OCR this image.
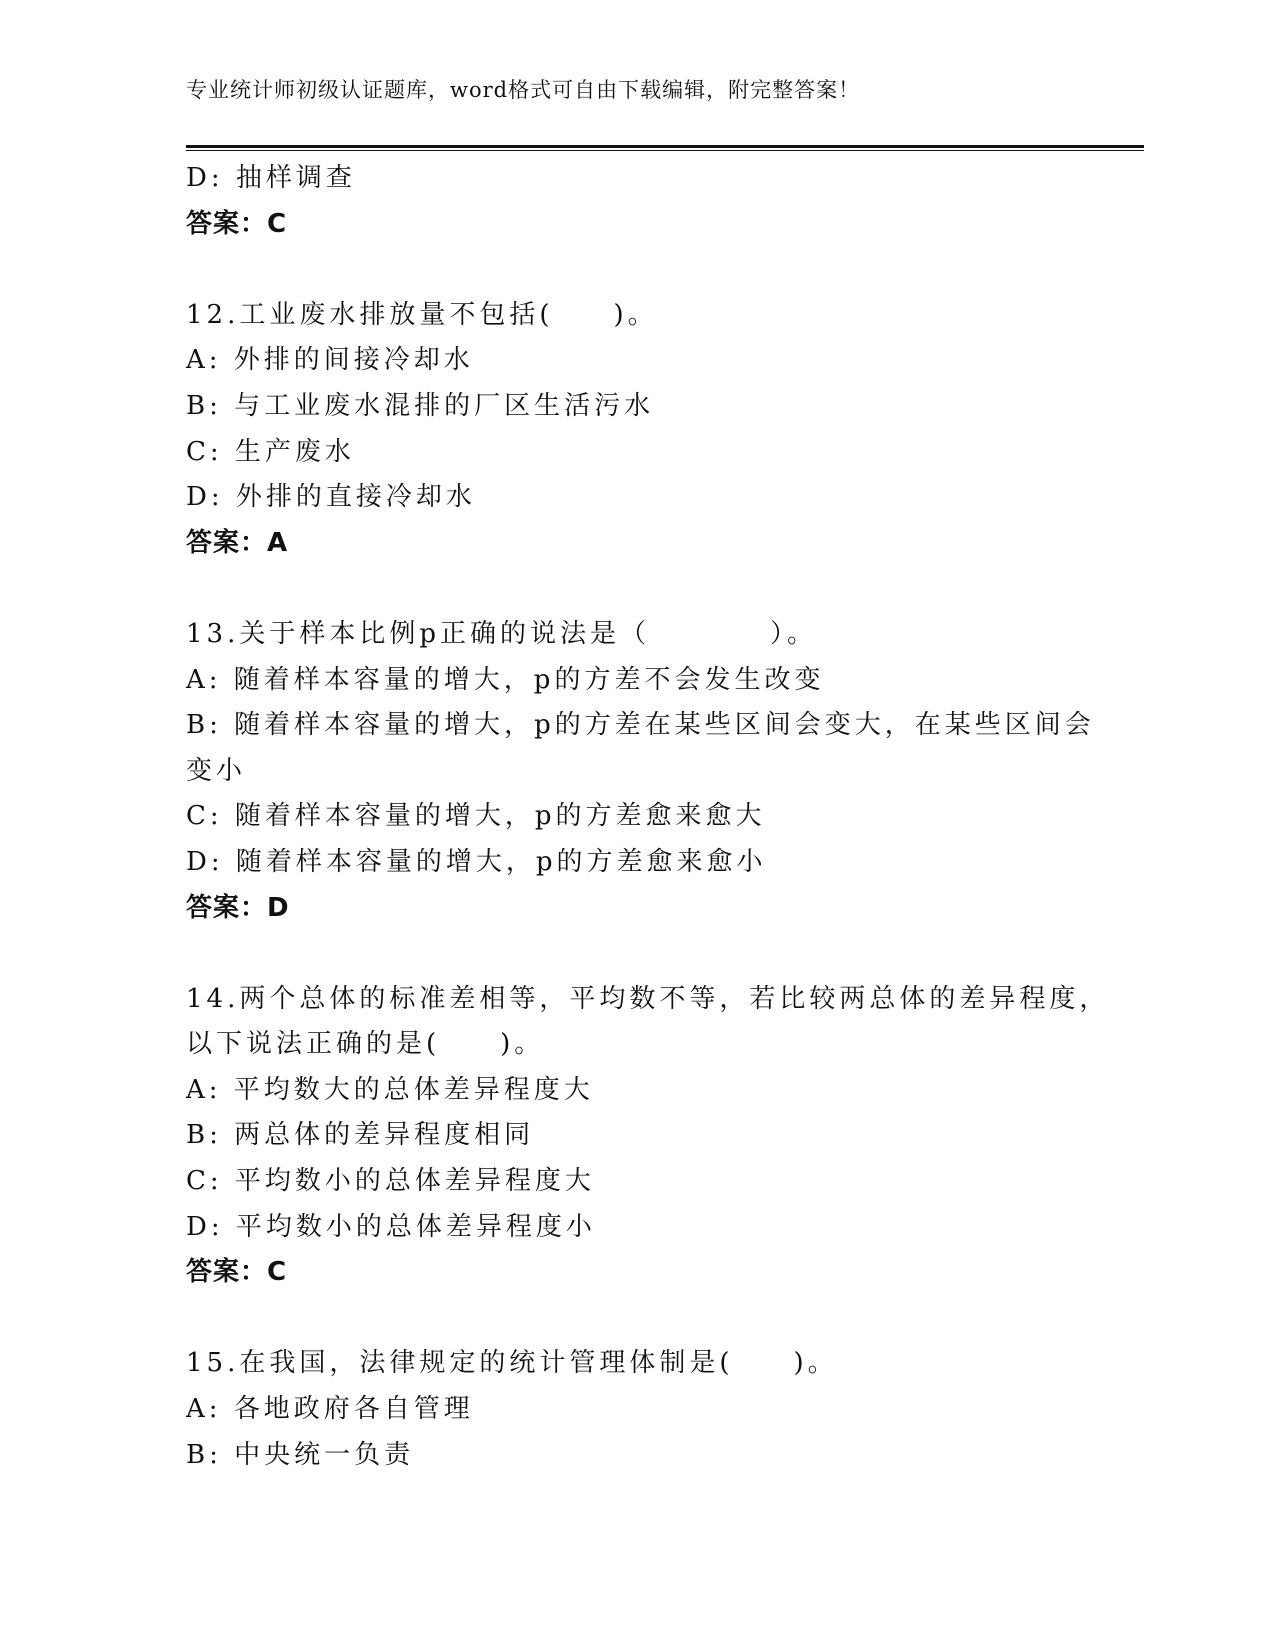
专业统计师初级认证题库，word格式可自由下载编辑，附完整答案！
D: 抽样调查
答案：C
12.工业废水排放量不包括(　　)。
A: 外排的间接冷却水
B: 与工业废水混排的厂区生活污水
C: 生产废水
D: 外排的直接冷却水
答案：A
13.关于样本比例p正确的说法是（　　　　）。
A: 随着样本容量的增大，p的方差不会发生改变
B: 随着样本容量的增大，p的方差在某些区间会变大，在某些区间会
变小
C: 随着样本容量的增大，p的方差愈来愈大
D: 随着样本容量的增大，p的方差愈来愈小
答案：D
14.两个总体的标准差相等，平均数不等，若比较两总体的差异程度，
以下说法正确的是(　　)。
A: 平均数大的总体差异程度大
B: 两总体的差异程度相同
C: 平均数小的总体差异程度大
D: 平均数小的总体差异程度小
答案：C
15.在我国，法律规定的统计管理体制是(　　)。
A: 各地政府各自管理
B: 中央统一负责
